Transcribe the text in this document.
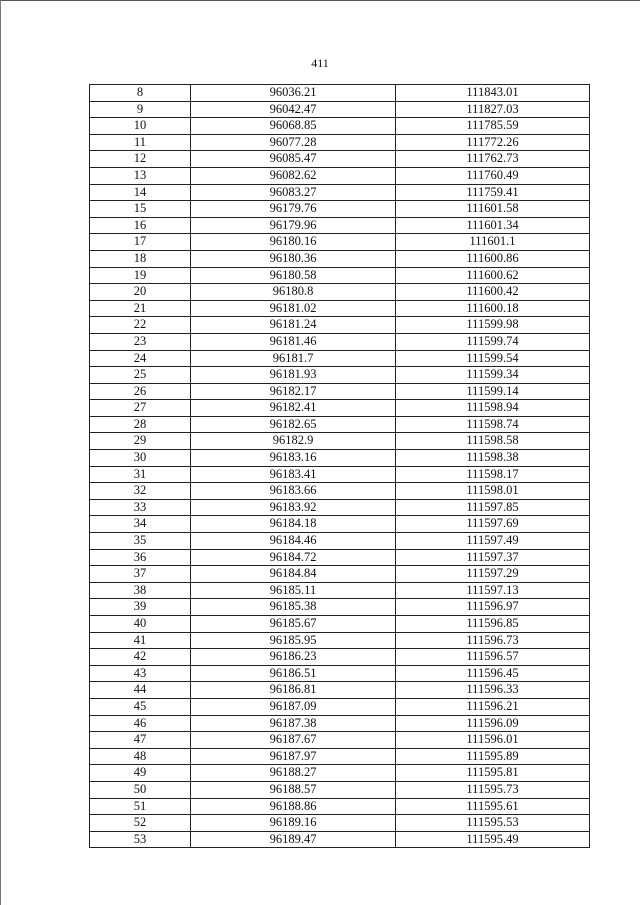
411
8	96036.21	111843.01
9	96042.47	111827.03
10	96068.85	111785.59
11	96077.28	111772.26
12	96085.47	111762.73
13	96082.62	111760.49
14	96083.27	111759.41
15	96179.76	111601.58
16	96179.96	111601.34
17	96180.16	111601.1
18	96180.36	111600.86
19	96180.58	111600.62
20	96180.8	111600.42
21	96181.02	111600.18
22	96181.24	111599.98
23	96181.46	111599.74
24	96181.7	111599.54
25	96181.93	111599.34
26	96182.17	111599.14
27	96182.41	111598.94
28	96182.65	111598.74
29	96182.9	111598.58
30	96183.16	111598.38
31	96183.41	111598.17
32	96183.66	111598.01
33	96183.92	111597.85
34	96184.18	111597.69
35	96184.46	111597.49
36	96184.72	111597.37
37	96184.84	111597.29
38	96185.11	111597.13
39	96185.38	111596.97
40	96185.67	111596.85
41	96185.95	111596.73
42	96186.23	111596.57
43	96186.51	111596.45
44	96186.81	111596.33
45	96187.09	111596.21
46	96187.38	111596.09
47	96187.67	111596.01
48	96187.97	111595.89
49	96188.27	111595.81
50	96188.57	111595.73
51	96188.86	111595.61
52	96189.16	111595.53
53	96189.47	111595.49
